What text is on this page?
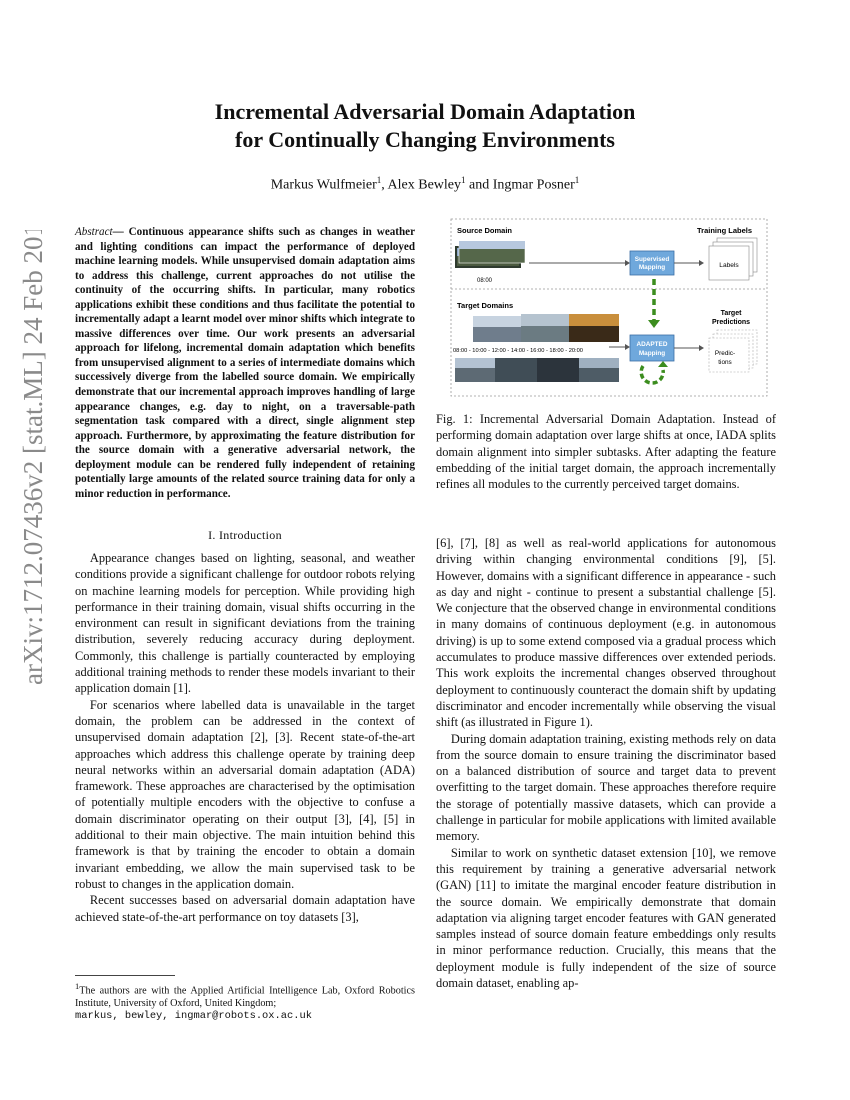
arXiv:1712.07436v2 [stat.ML] 24 Feb 2018
Incremental Adversarial Domain Adaptation
for Continually Changing Environments
Markus Wulfmeier$^1$, Alex Bewley$^1$ and Ingmar Posner$^1$
Abstract— Continuous appearance shifts such as changes in weather and lighting conditions can impact the performance of deployed machine learning models. While unsupervised domain adaptation aims to address this challenge, current approaches do not utilise the continuity of the occurring shifts. In particular, many robotics applications exhibit these conditions and thus facilitate the potential to incrementally adapt a learnt model over minor shifts which integrate to massive differences over time. Our work presents an adversarial approach for lifelong, incremental domain adaptation which benefits from unsupervised alignment to a series of intermediate domains which successively diverge from the labelled source domain. We empirically demonstrate that our incremental approach improves handling of large appearance changes, e.g. day to night, on a traversable-path segmentation task compared with a direct, single alignment step approach. Furthermore, by approximating the feature distribution for the source domain with a generative adversarial network, the deployment module can be rendered fully independent of retaining potentially large amounts of the related source training data for only a minor reduction in performance.
I. Introduction

Appearance changes based on lighting, seasonal, and weather conditions provide a significant challenge for outdoor robots relying on machine learning models for perception. While providing high performance in their training domain, visual shifts occurring in the environment can result in significant deviations from the training distribution, severely reducing accuracy during deployment. Commonly, this challenge is partially counteracted by employing additional training methods to render these models invariant to their application domain [1].

For scenarios where labelled data is unavailable in the target domain, the problem can be addressed in the context of unsupervised domain adaptation [2], [3]. Recent state-of-the-art approaches which address this challenge operate by training deep neural networks within an adversarial domain adaptation (ADA) framework. These approaches are characterised by the optimisation of potentially multiple encoders with the objective to confuse a domain discriminator operating on their output [3], [4], [5] in additional to their main objective. The main intuition behind this framework is that by training the encoder to obtain a domain invariant embedding, we allow the main supervised task to be robust to changes in the application domain.

Recent successes based on adversarial domain adaptation have achieved state-of-the-art performance on toy datasets [3],

$^1$The authors are with the Applied Artificial Intelligence Lab, Oxford Robotics Institute, University of Oxford, United Kingdom;
markus, bewley, ingmar@robots.ox.ac.uk
Source Domain
08:00
Supervised
Mapping
Training Labels
Labels
Target Domains
08:00 - 10:00 - 12:00 - 14:00 - 16:00 - 18:00 - 20:00
ADAPTED
Mapping
Target
Predictions
Predic-
tions
Fig. 1: Incremental Adversarial Domain Adaptation. Instead of performing domain adaptation over large shifts at once, IADA splits domain alignment into simpler subtasks. After adapting the feature embedding of the initial target domain, the approach incrementally refines all modules to the currently perceived target domains.

[6], [7], [8] as well as real-world applications for autonomous driving within changing environmental conditions [9], [5]. However, domains with a significant difference in appearance - such as day and night - continue to present a substantial challenge [5]. We conjecture that the observed change in environmental conditions in many domains of continuous deployment (e.g. in autonomous driving) is up to some extend composed via a gradual process which accumulates to produce massive differences over extended periods. This work exploits the incremental changes observed throughout deployment to continuously counteract the domain shift by updating discriminator and encoder incrementally while observing the visual shift (as illustrated in Figure 1).

During domain adaptation training, existing methods rely on data from the source domain to ensure training the discriminator based on a balanced distribution of source and target data to prevent overfitting to the target domain. These approaches therefore require the storage of potentially massive datasets, which can provide a challenge in particular for mobile applications with limited available memory.

Similar to work on synthetic dataset extension [10], we remove this requirement by training a generative adversarial network (GAN) [11] to imitate the marginal encoder feature distribution in the source domain. We empirically demonstrate that domain adaptation via aligning target encoder features with GAN generated samples instead of source domain feature embeddings only results in minor performance reduction. Crucially, this means that the deployment module is fully independent of the size of source domain dataset, enabling ap-
